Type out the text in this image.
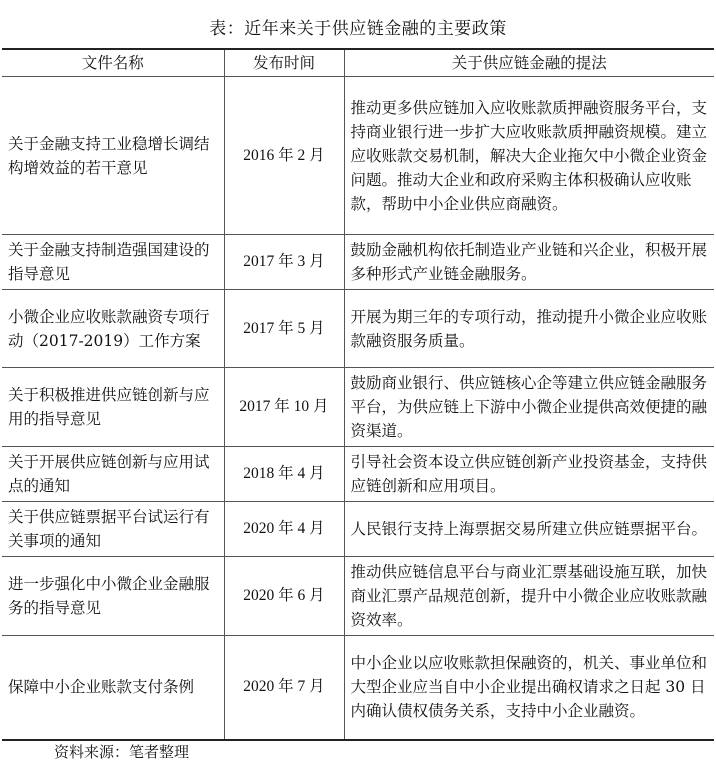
表：近年来关于供应链金融的主要政策
文件名称	发布时间	关于供应链金融的提法
关于金融支持工业稳增长调结构增效益的若干意见	2016 年 2 月	推动更多供应链加入应收账款质押融资服务平台，支持商业银行进一步扩大应收账款质押融资规模。建立应收账款交易机制，解决大企业拖欠中小微企业资金问题。推动大企业和政府采购主体积极确认应收账款，帮助中小企业供应商融资。
关于金融支持制造强国建设的指导意见	2017 年 3 月	鼓励金融机构依托制造业产业链和兴企业，积极开展多种形式产业链金融服务。
小微企业应收账款融资专项行动（2017-2019）工作方案	2017 年 5 月	开展为期三年的专项行动，推动提升小微企业应收账款融资服务质量。
关于积极推进供应链创新与应用的指导意见	2017 年 10 月	鼓励商业银行、供应链核心企等建立供应链金融服务平台，为供应链上下游中小微企业提供高效便捷的融资渠道。
关于开展供应链创新与应用试点的通知	2018 年 4 月	引导社会资本设立供应链创新产业投资基金，支持供应链创新和应用项目。
关于供应链票据平台试运行有关事项的通知	2020 年 4 月	人民银行支持上海票据交易所建立供应链票据平台。
进一步强化中小微企业金融服务的指导意见	2020 年 6 月	推动供应链信息平台与商业汇票基础设施互联，加快商业汇票产品规范创新，提升中小微企业应收账款融资效率。
保障中小企业账款支付条例	2020 年 7 月	中小企业以应收账款担保融资的，机关、事业单位和大型企业应当自中小企业提出确权请求之日起 30 日内确认债权债务关系，支持中小企业融资。
资料来源：笔者整理
